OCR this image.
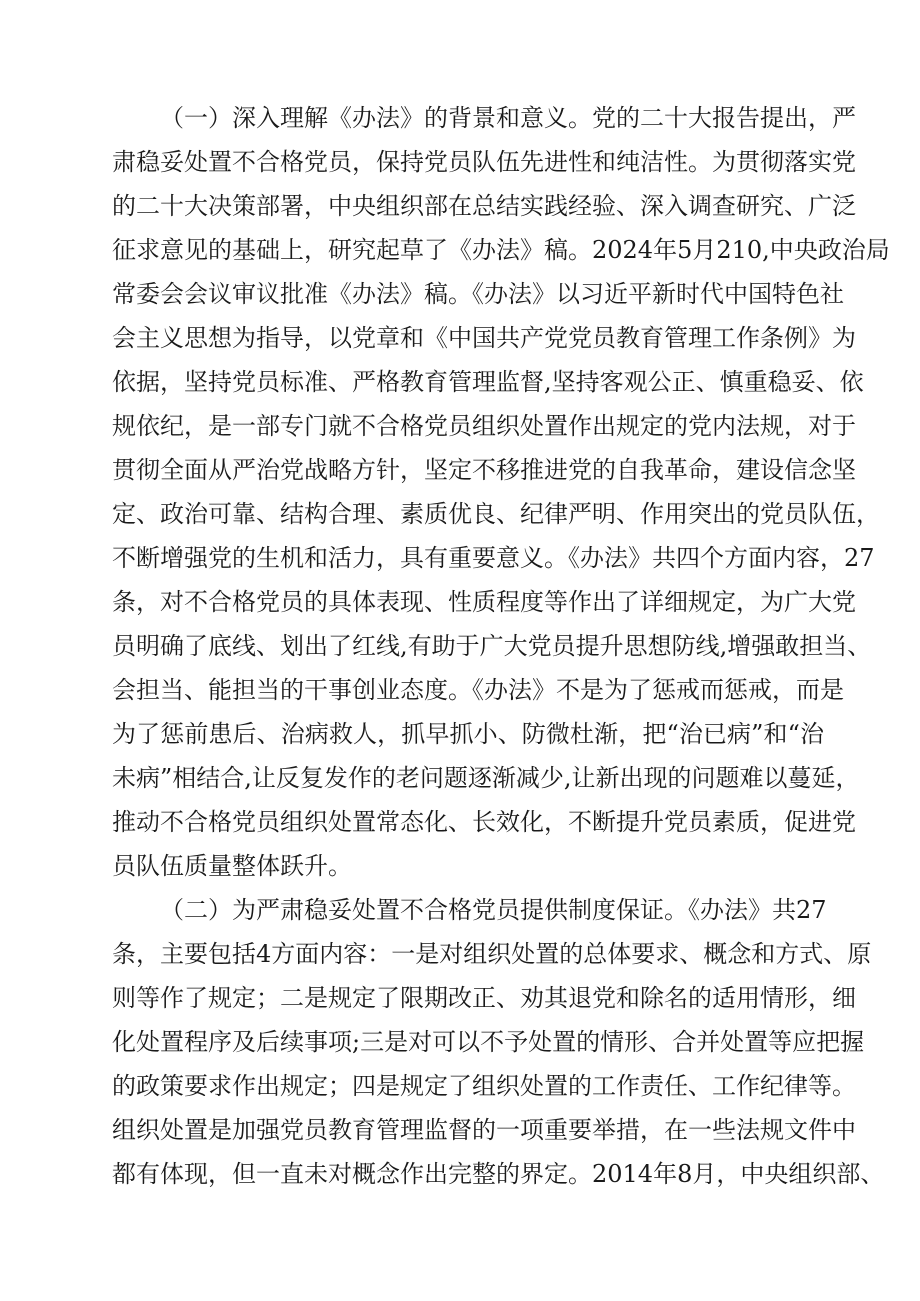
（一）深入理解《办法》的背景和意义。党的二十大报告提出，严
肃稳妥处置不合格党员，保持党员队伍先进性和纯洁性。为贯彻落实党
的二十大决策部署，中央组织部在总结实践经验、深入调查研究、广泛
征求意见的基础上，研究起草了《办法》稿。2024年5月210,中央政治局
常委会会议审议批准《办法》稿。《办法》以习近平新时代中国特色社
会主义思想为指导，以党章和《中国共产党党员教育管理工作条例》为
依据，坚持党员标准、严格教育管理监督,坚持客观公正、慎重稳妥、依
规依纪，是一部专门就不合格党员组织处置作出规定的党内法规，对于
贯彻全面从严治党战略方针，坚定不移推进党的自我革命，建设信念坚
定、政治可靠、结构合理、素质优良、纪律严明、作用突出的党员队伍，
不断增强党的生机和活力，具有重要意义。《办法》共四个方面内容，27
条，对不合格党员的具体表现、性质程度等作出了详细规定，为广大党
员明确了底线、划出了红线,有助于广大党员提升思想防线,增强敢担当、
会担当、能担当的干事创业态度。《办法》不是为了惩戒而惩戒，而是
为了惩前患后、治病救人，抓早抓小、防微杜渐，把“治已病”和“治
未病”相结合,让反复发作的老问题逐渐减少,让新出现的问题难以蔓延，
推动不合格党员组织处置常态化、长效化，不断提升党员素质，促进党
员队伍质量整体跃升。
（二）为严肃稳妥处置不合格党员提供制度保证。《办法》共27
条，主要包括4方面内容：一是对组织处置的总体要求、概念和方式、原
则等作了规定；二是规定了限期改正、劝其退党和除名的适用情形，细
化处置程序及后续事项;三是对可以不予处置的情形、合并处置等应把握
的政策要求作出规定；四是规定了组织处置的工作责任、工作纪律等。
组织处置是加强党员教育管理监督的一项重要举措，在一些法规文件中
都有体现，但一直未对概念作出完整的界定。2014年8月，中央组织部、
